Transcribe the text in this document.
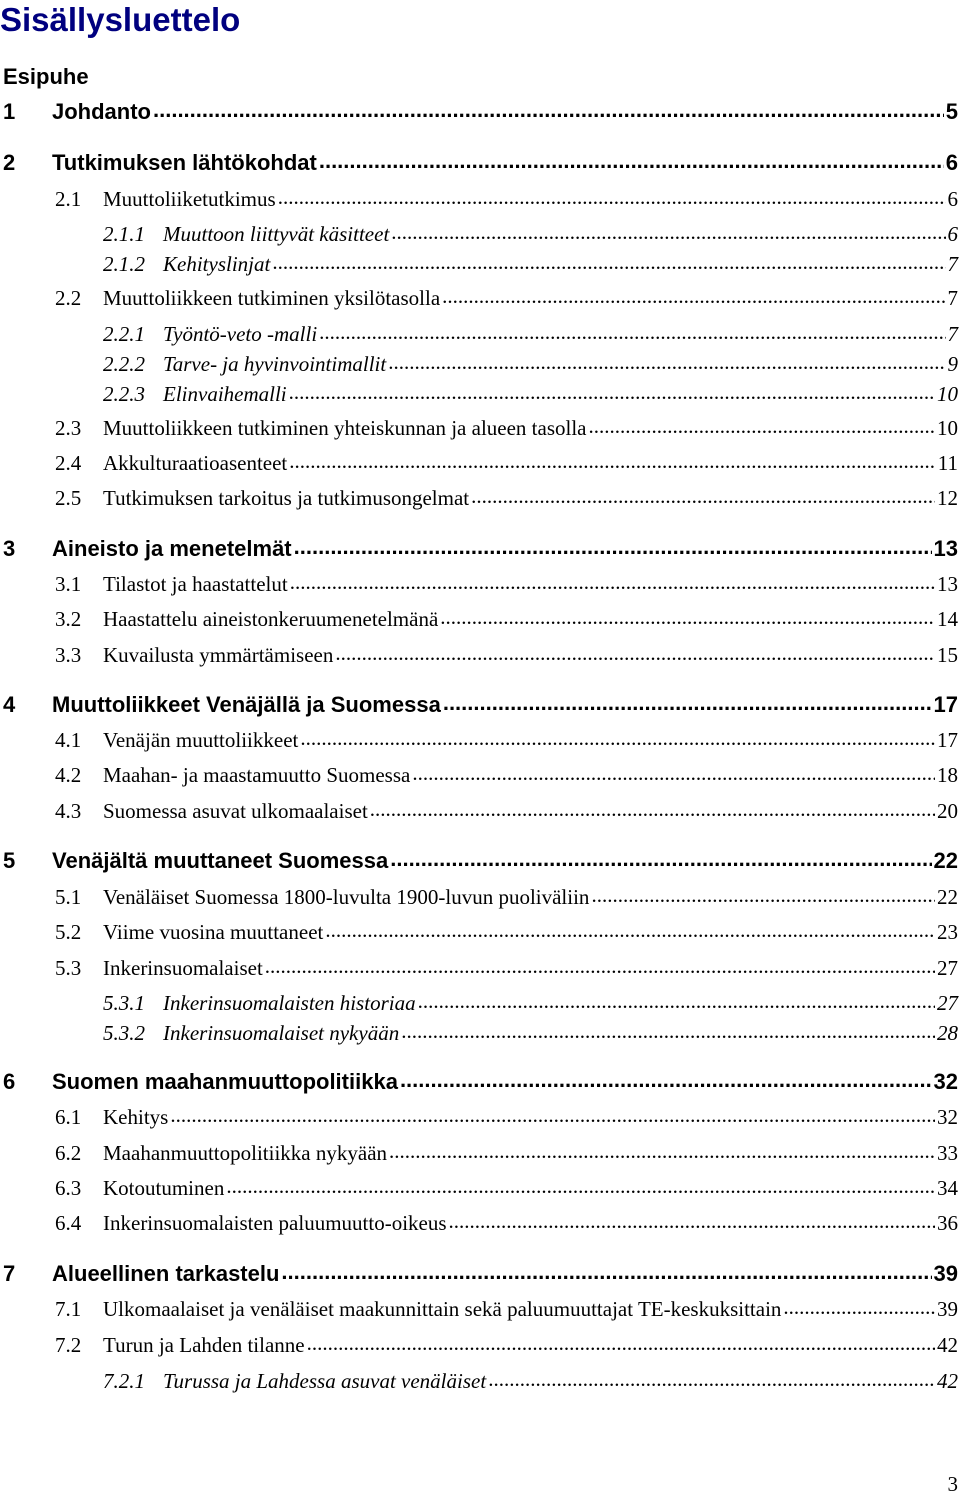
Sisällysluettelo
Esipuhe
1	Johdanto .....	5
2	Tutkimuksen lähtökohdat .....	6
2.1	Muuttoliiketutkimus .....	6
2.1.1 Muuttoon liittyvät käsitteet .....	6
2.1.2 Kehityslinjat .....	7
2.2	Muuttoliikkeen tutkiminen yksilötasolla .....	7
2.2.1 Työntö-veto -malli .....	7
2.2.2 Tarve- ja hyvinvointimallit .....	9
2.2.3 Elinvaihemalli .....	10
2.3	Muuttoliikkeen tutkiminen yhteiskunnan ja alueen tasolla .....	10
2.4	Akkulturaatioasenteet .....	11
2.5	Tutkimuksen tarkoitus ja tutkimusongelmat .....	12
3	Aineisto ja menetelmät .....	13
3.1	Tilastot ja haastattelut .....	13
3.2	Haastattelu aineistonkeruumenetelmänä .....	14
3.3	Kuvailusta ymmärtämiseen .....	15
4	Muuttoliikkeet Venäjällä ja Suomessa .....	17
4.1	Venäjän muuttoliikkeet .....	17
4.2	Maahan- ja maastamuutto Suomessa .....	18
4.3	Suomessa asuvat ulkomaalaiset .....	20
5	Venäjältä muuttaneet Suomessa .....	22
5.1	Venäläiset Suomessa 1800-luvulta 1900-luvun puoliväliin .....	22
5.2	Viime vuosina muuttaneet .....	23
5.3	Inkerinsuomalaiset .....	27
5.3.1 Inkerinsuomalaisten historiaa .....	27
5.3.2 Inkerinsuomalaiset nykyään .....	28
6	Suomen maahanmuuttopolitiikka .....	32
6.1	Kehitys .....	32
6.2	Maahanmuuttopolitiikka nykyään .....	33
6.3	Kotoutuminen .....	34
6.4	Inkerinsuomalaisten paluumuutto-oikeus .....	36
7	Alueellinen tarkastelu .....	39
7.1	Ulkomaalaiset ja venäläiset maakunnittain sekä paluumuuttajat TE-keskuksittain .....	39
7.2	Turun ja Lahden tilanne .....	42
7.2.1 Turussa ja Lahdessa asuvat venäläiset .....	42
3
